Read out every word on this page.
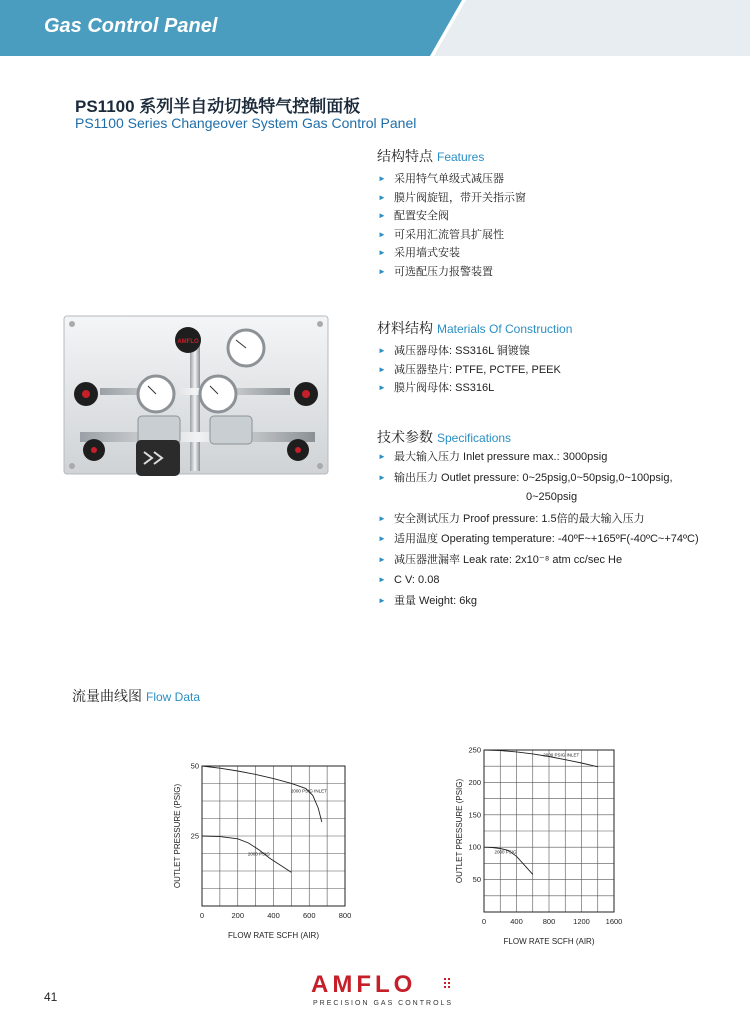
Gas Control Panel
PS1100 系列半自动切换特气控制面板
PS1100 Series Changeover System Gas Control Panel
结构特点 Features
► 采用特气单级式减压器
► 膜片阀旋钮，带开关指示窗
► 配置安全阀
► 可采用汇流管具扩展性
► 采用墙式安装
► 可选配压力报警装置
材料结构 Materials Of Construction
► 减压器母体: SS316L 铜镀镍
► 减压器垫片: PTFE, PCTFE, PEEK
► 膜片阀母体: SS316L
技术参数 Specifications
► 最大输入压力 Inlet pressure max.: 3000psig
► 输出压力 Outlet pressure: 0~25psig,0~50psig,0~100psig,
0~250psig
► 安全测试压力 Proof pressure: 1.5倍的最大输入压力
► 适用温度 Operating temperature: -40ºF~+165ºF(-40ºC~+74ºC)
► 减压器泄漏率 Leak rate: 2x10⁻⁸ atm cc/sec He
► C V: 0.08
► 重量 Weight: 6kg
AMFLO
流量曲线图 Flow Data
0	200	400	600	800
50
25
FLOW RATE SCFH (AIR)
OUTLET PRESSURE (PSIG)	2000 PSIG INLET
2000 PSIG
0	400	800 1200 1600
250
200
150
100
50
FLOW RATE SCFH (AIR)
OUTLET PRESSURE (PSIG)
2000 PSIG INLET
2000 PSIG
41	AMFLO
PRECISION GAS CONTROLS
